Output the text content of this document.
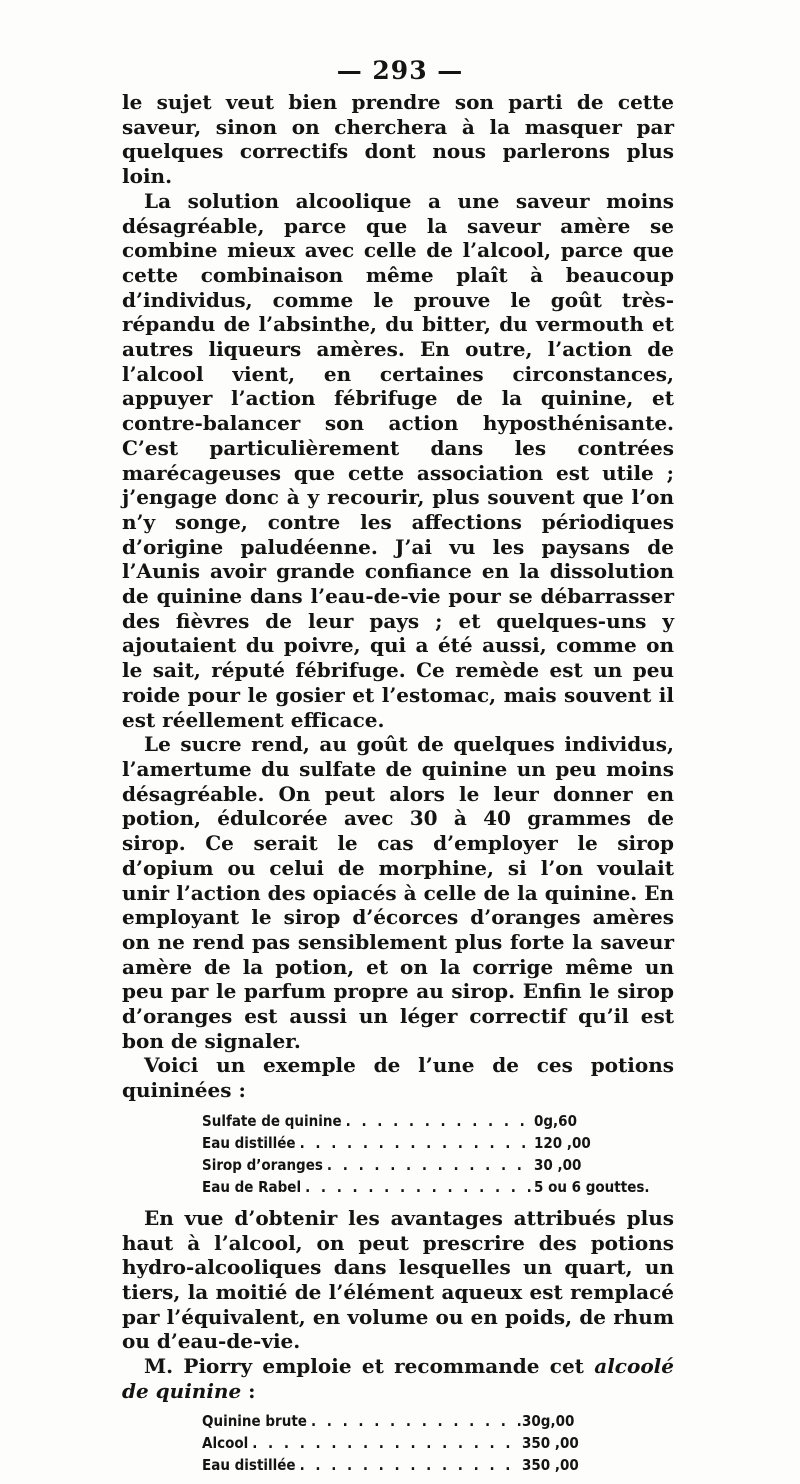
— 293 —

le sujet veut bien prendre son parti de cette saveur, sinon on cherchera à la masquer par quelques correctifs dont nous parlerons plus loin.

La solution alcoolique a une saveur moins désagréable, parce que la saveur amère se combine mieux avec celle de l’alcool, parce que cette combinaison même plaît à beaucoup d’individus, comme le prouve le goût très-répandu de l’absinthe, du bitter, du vermouth et autres liqueurs amères. En outre, l’action de l’alcool vient, en certaines circonstances, appuyer l’action fébrifuge de la quinine, et contre-balancer son action hyposthénisante. C’est particulièrement dans les contrées marécageuses que cette association est utile ; j’engage donc à y recourir, plus souvent que l’on n’y songe, contre les affections périodiques d’origine paludéenne. J’ai vu les paysans de l’Aunis avoir grande confiance en la dissolution de quinine dans l’eau-de-vie pour se débarrasser des fièvres de leur pays ; et quelques-uns y ajoutaient du poivre, qui a été aussi, comme on le sait, réputé fébrifuge. Ce remède est un peu roide pour le gosier et l’estomac, mais souvent il est réellement efficace.

Le sucre rend, au goût de quelques individus, l’amertume du sulfate de quinine un peu moins désagréable. On peut alors le leur donner en potion, édulcorée avec 30 à 40 grammes de sirop. Ce serait le cas d’employer le sirop d’opium ou celui de morphine, si l’on voulait unir l’action des opiacés à celle de la quinine. En employant le sirop d’écorces d’oranges amères on ne rend pas sensiblement plus forte la saveur amère de la potion, et on la corrige même un peu par le parfum propre au sirop. Enfin le sirop d’oranges est aussi un léger correctif qu’il est bon de signaler.

Voici un exemple de l’une de ces potions quininées :

Sulfate de quinine . . .	0g,60
Eau distillée . . .	120 ,00
Sirop d’oranges . . .	30 ,00
Eau de Rabel . . .	5 ou 6 gouttes.

En vue d’obtenir les avantages attribués plus haut à l’alcool, on peut prescrire des potions hydro-alcooliques dans lesquelles un quart, un tiers, la moitié de l’élément aqueux est remplacé par l’équivalent, en volume ou en poids, de rhum ou d’eau-de-vie.

M. Piorry emploie et recommande cet alcoolé de quinine :

Quinine brute . . .	30g,00
Alcool . . .	350 ,00
Eau distillée . . .	350 ,00
